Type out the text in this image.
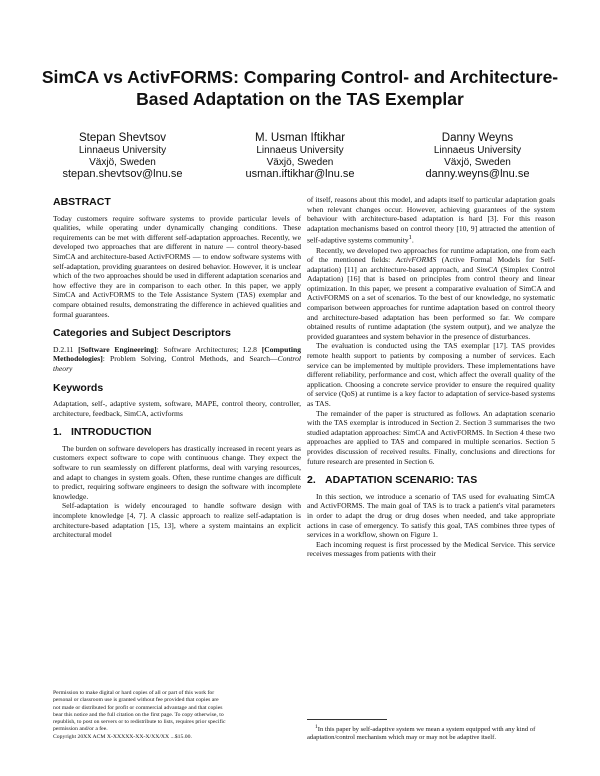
SimCA vs ActivFORMS: Comparing Control- and Architecture-Based Adaptation on the TAS Exemplar
Stepan Shevtsov
Linnaeus University
Växjö, Sweden
stepan.shevtsov@lnu.se
M. Usman Iftikhar
Linnaeus University
Växjö, Sweden
usman.iftikhar@lnu.se
Danny Weyns
Linnaeus University
Växjö, Sweden
danny.weyns@lnu.se
ABSTRACT

Today customers require software systems to provide particular levels of qualities, while operating under dynamically changing conditions. These requirements can be met with different self-adaptation approaches. Recently, we developed two approaches that are different in nature — control theory-based SimCA and architecture-based ActivFORMS — to endow software systems with self-adaptation, providing guarantees on desired behavior. However, it is unclear which of the two approaches should be used in different adaptation scenarios and how effective they are in comparison to each other. In this paper, we apply SimCA and ActivFORMS to the Tele Assistance System (TAS) exemplar and compare obtained results, demonstrating the difference in achieved qualities and formal guarantees.

Categories and Subject Descriptors

D.2.11 [Software Engineering]: Software Architectures; I.2.8 [Computing Methodologies]: Problem Solving, Control Methods, and Search—Control theory

Keywords

Adaptation, self-, adaptive system, software, MAPE, control theory, controller, architecture, feedback, SimCA, activforms

1. INTRODUCTION

The burden on software developers has drastically increased in recent years as customers expect software to cope with continuous change. They expect the software to run seamlessly on different platforms, deal with varying resources, and adapt to changes in system goals. Often, these runtime changes are difficult to predict, requiring software engineers to design the software with incomplete knowledge.

Self-adaptation is widely encouraged to handle software design with incomplete knowledge [4, 7]. A classic approach to realize self-adaptation is architecture-based adaptation [15, 13], where a system maintains an explicit architectural model

Permission to make digital or hard copies of all or part of this work for

personal or classroom use is granted without fee provided that copies are

not made or distributed for profit or commercial advantage and that copies

bear this notice and the full citation on the first page. To copy otherwise, to

republish, to post on servers or to redistribute to lists, requires prior specific

permission and/or a fee.

Copyright 20XX ACM X-XXXXX-XX-X/XX/XX ...$15.00.

of itself, reasons about this model, and adapts itself to particular adaptation goals when relevant changes occur. However, achieving guarantees of the system behaviour with architecture-based adaptation is hard [3]. For this reason adaptation mechanisms based on control theory [10, 9] attracted the attention of self-adaptive systems community$^1$.

Recently, we developed two approaches for runtime adaptation, one from each of the mentioned fields: ActivFORMS (Active Formal Models for Self-adaptation) [11] an architecture-based approach, and SimCA (Simplex Control Adaptation) [16] that is based on principles from control theory and linear optimization. In this paper, we present a comparative evaluation of SimCA and ActivFORMS on a set of scenarios. To the best of our knowledge, no systematic comparison between approaches for runtime adaptation based on control theory and architecture-based adaptation has been performed so far. We compare obtained results of runtime adaptation (the system output), and we analyze the provided guarantees and system behavior in the presence of disturbances.

The evaluation is conducted using the TAS exemplar [17]. TAS provides remote health support to patients by composing a number of services. Each service can be implemented by multiple providers. These implementations have different reliability, performance and cost, which affect the overall quality of the application. Choosing a concrete service provider to ensure the required quality of service (QoS) at runtime is a key factor to adaptation of service-based systems as TAS.

The remainder of the paper is structured as follows. An adaptation scenario with the TAS exemplar is introduced in Section 2. Section 3 summarises the two studied adaptation approaches: SimCA and ActivFORMS. In Section 4 these two approaches are applied to TAS and compared in multiple scenarios. Section 5 provides discussion of received results. Finally, conclusions and directions for future research are presented in Section 6.

2. ADAPTATION SCENARIO: TAS

In this section, we introduce a scenario of TAS used for evaluating SimCA and ActivFORMS. The main goal of TAS is to track a patient's vital parameters in order to adapt the drug or drug doses when needed, and take appropriate actions in case of emergency. To satisfy this goal, TAS combines three types of services in a workflow, shown on Figure 1.

Each incoming request is first processed by the Medical Service. This service receives messages from patients with their

$^1$In this paper by self-adaptive system we mean a system equipped with any kind of adaptation/control mechanism which may or may not be adaptive itself.
